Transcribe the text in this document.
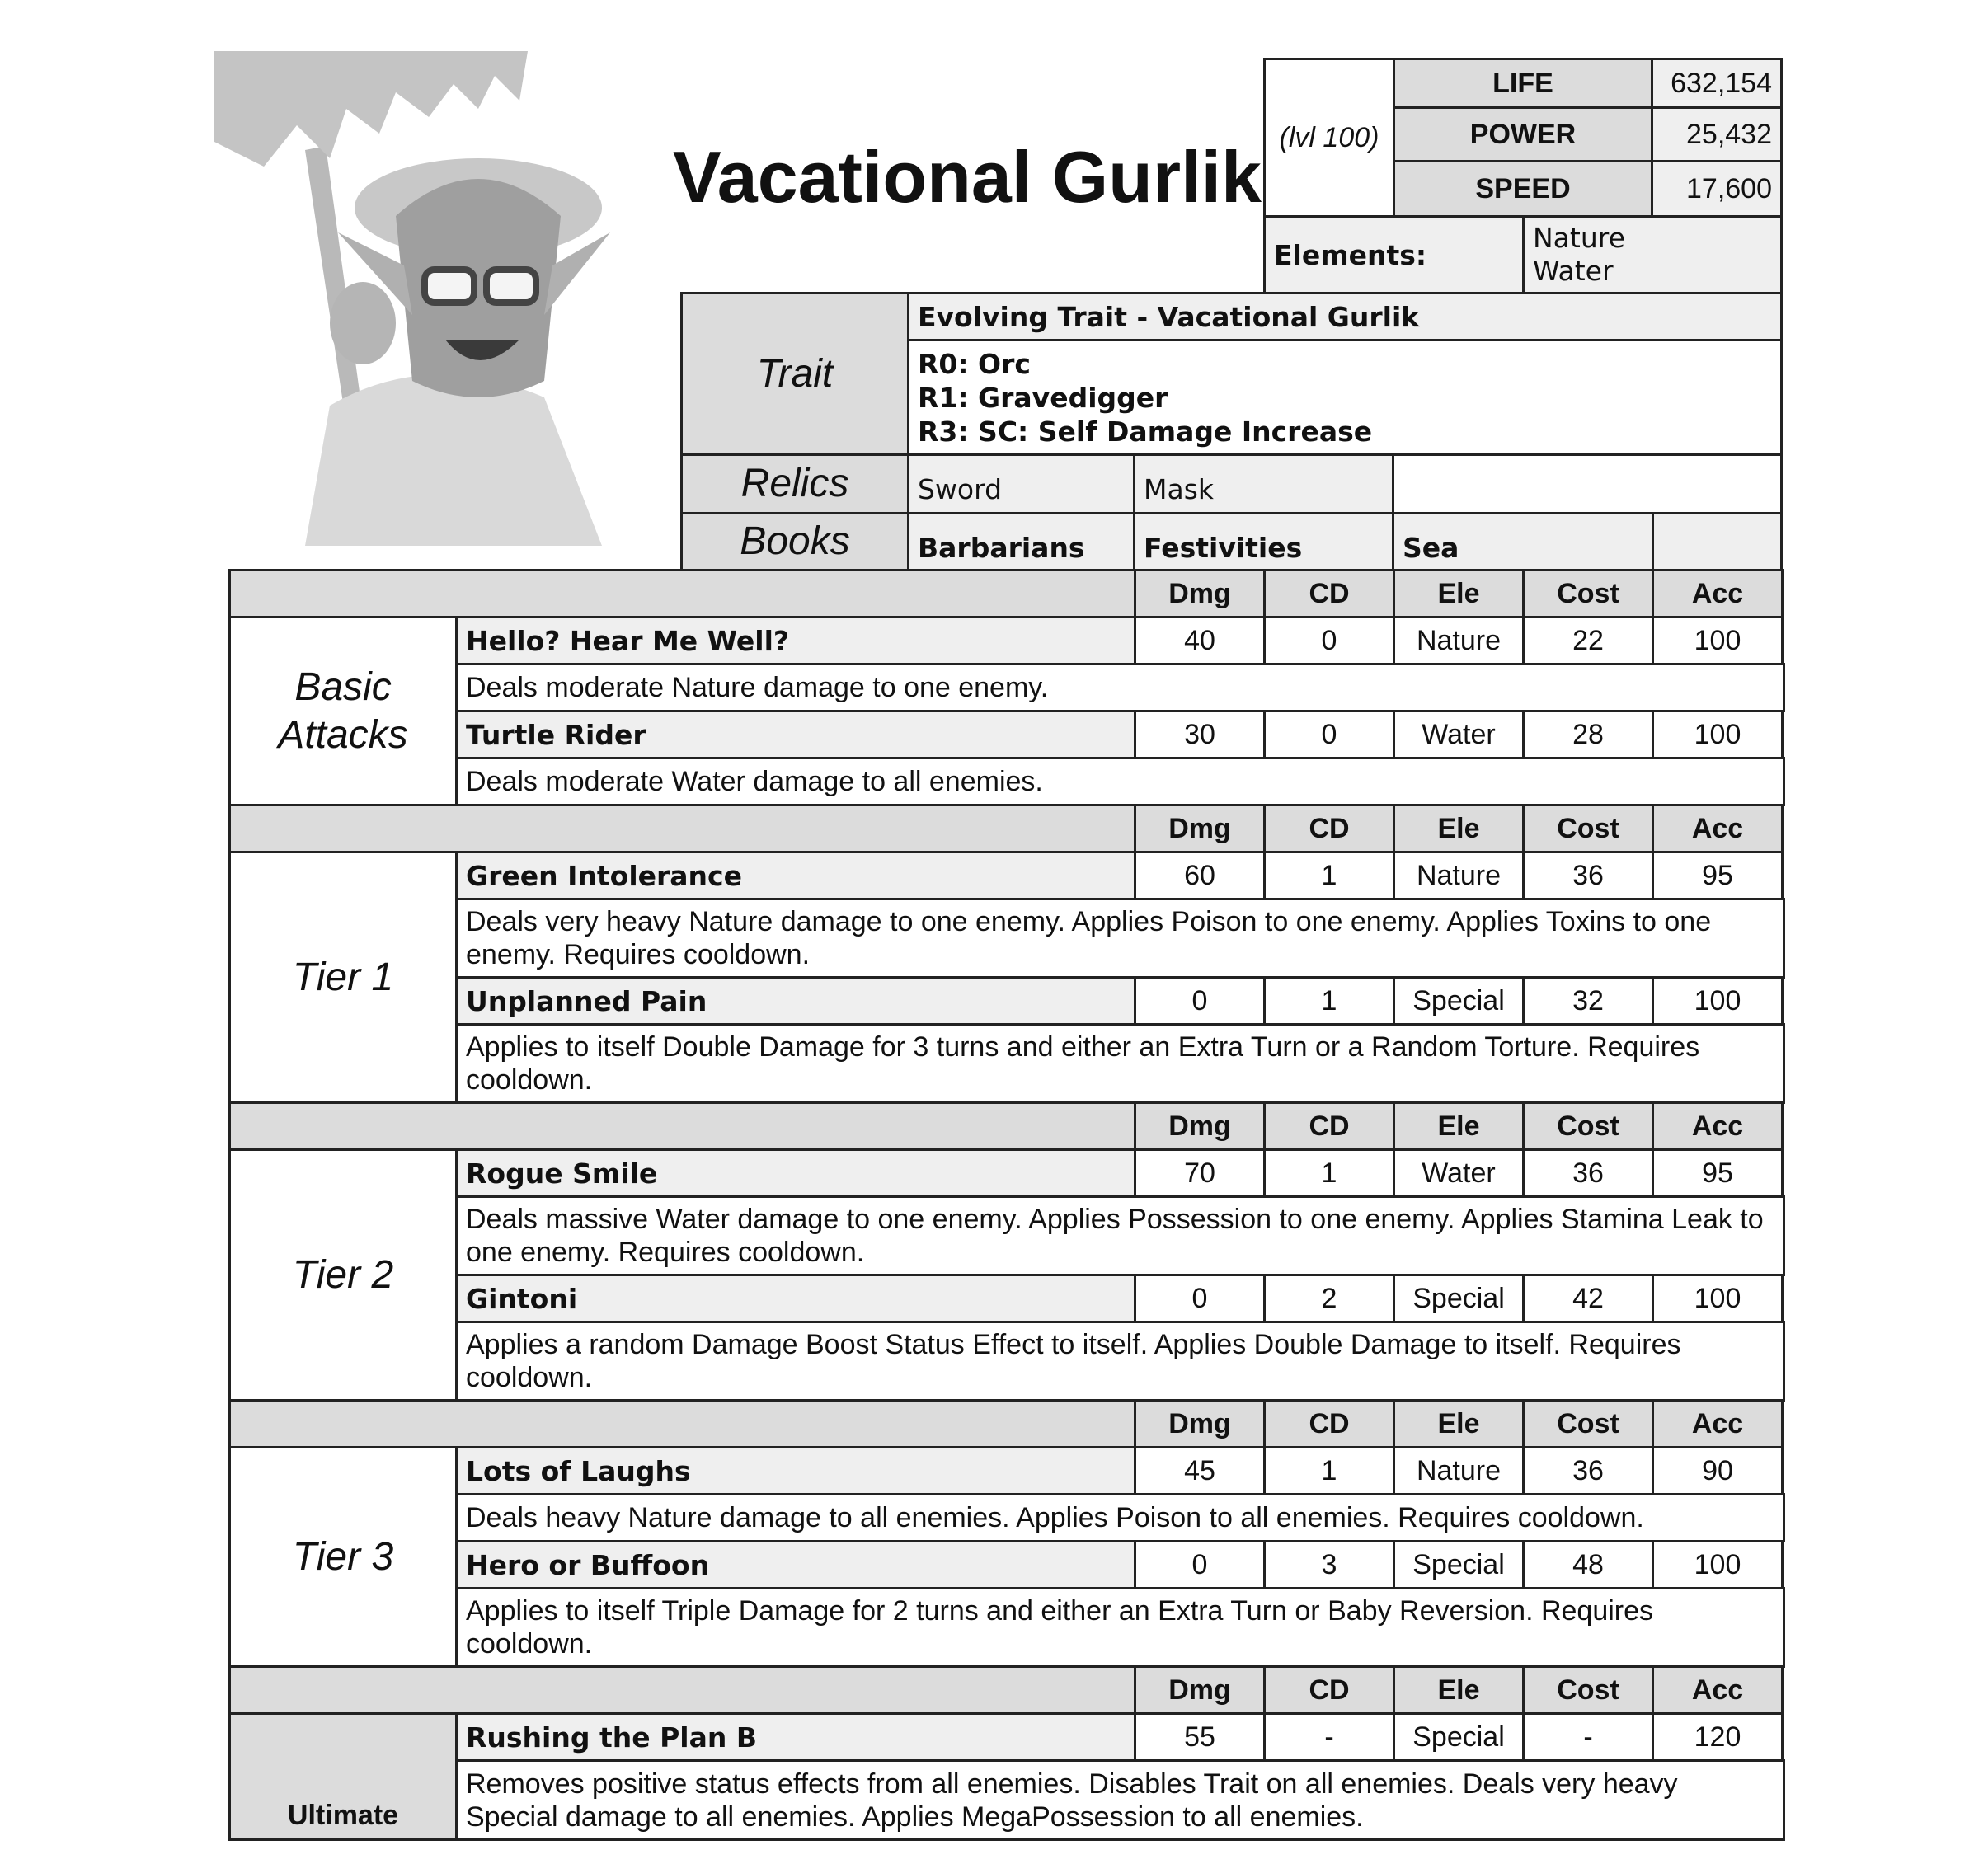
Vacational Gurlik (lvl 100)
LIFE	632,154
POWER	25,432
SPEED	17,600
Elements:
Nature
Water
Trait
Evolving Trait - Vacational Gurlik
R0: Orc
R1: Gravedigger
R3: SC: Self Damage Increase
Relics	Sword	Mask
Books	Barbarians	Festivities	Sea
Dmg	CD	Ele	Cost	Acc
Hello? Hear Me Well?	40	0	Nature	22	100
Deals moderate Nature damage to one enemy.
Turtle Rider	30	0	Water	28	100
Deals moderate Water damage to all enemies.
Basic Attacks
Dmg	CD	Ele	Cost	Acc
Green Intolerance	60	1	Nature	36	95
Deals very heavy Nature damage to one enemy. Applies Poison to one enemy. Applies Toxins to one enemy. Requires cooldown.
Unplanned Pain	0	1	Special	32	100
Applies to itself Double Damage for 3 turns and either an Extra Turn or a Random Torture. Requires cooldown.
Tier 1
Dmg	CD	Ele	Cost	Acc
Rogue Smile	70	1	Water	36	95
Deals massive Water damage to one enemy. Applies Possession to one enemy. Applies Stamina Leak to one enemy. Requires cooldown.
Gintoni	0	2	Special	42	100
Applies a random Damage Boost Status Effect to itself. Applies Double Damage to itself. Requires cooldown.
Tier 2
Dmg	CD	Ele	Cost	Acc
Lots of Laughs	45	1	Nature	36	90
Deals heavy Nature damage to all enemies. Applies Poison to all enemies. Requires cooldown.
Hero or Buffoon	0	3	Special	48	100
Applies to itself Triple Damage for 2 turns and either an Extra Turn or Baby Reversion. Requires cooldown.
Tier 3
Dmg	CD	Ele	Cost	Acc
Rushing the Plan B	55	-	Special	-	120
Removes positive status effects from all enemies. Disables Trait on all enemies. Deals very heavy Special damage to all enemies. Applies MegaPossession to all enemies.
Ultimate
